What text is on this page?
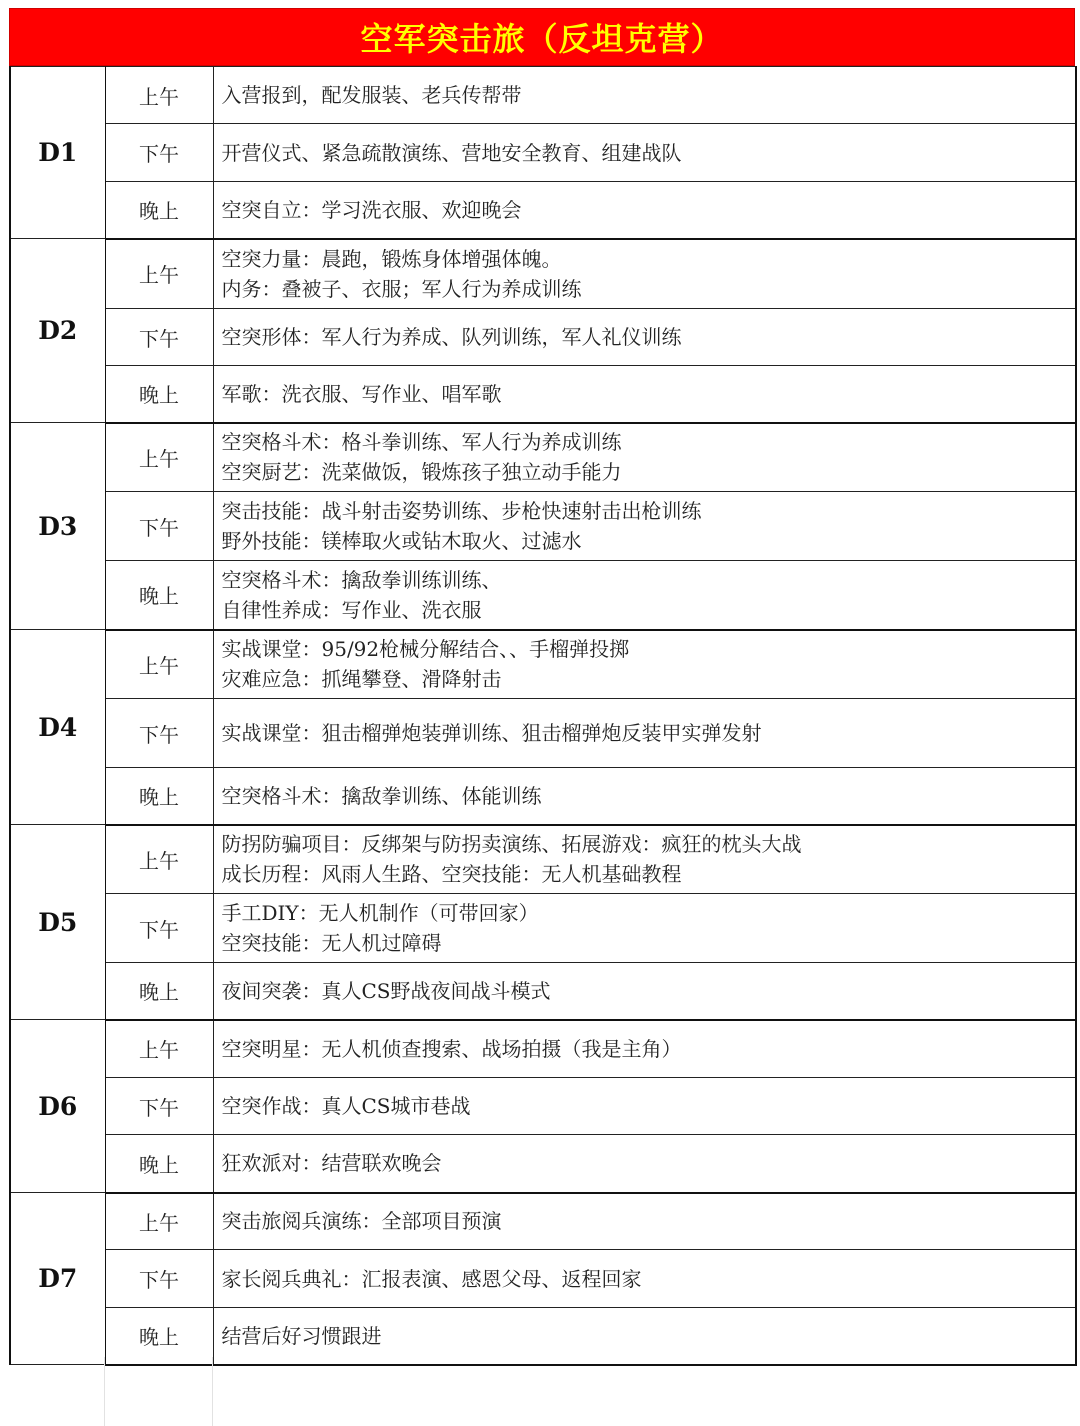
空军突击旅（反坦克营）
D1	上午	入营报到，配发服装、老兵传帮带

	下午	开营仪式、紧急疏散演练、营地安全教育、组建战队

	晚上	空突自立：学习洗衣服、欢迎晚会

D2	上午	空突力量：晨跑，锻炼身体增强体魄。
内务：叠被子、衣服；军人行为养成训练

	下午	空突形体：军人行为养成、队列训练，军人礼仪训练

	晚上	军歌：洗衣服、写作业、唱军歌

D3	上午	空突格斗术：格斗拳训练、军人行为养成训练
空突厨艺：洗菜做饭，锻炼孩子独立动手能力

	下午	突击技能：战斗射击姿势训练、步枪快速射击出枪训练
野外技能：镁棒取火或钻木取火、过滤水

	晚上	空突格斗术：擒敌拳训练训练、
自律性养成：写作业、洗衣服

D4	上午	实战课堂：95/92枪械分解结合、、手榴弹投掷
灾难应急：抓绳攀登、滑降射击

	下午	实战课堂：狙击榴弹炮装弹训练、狙击榴弹炮反装甲实弹发射

	晚上	空突格斗术：擒敌拳训练、体能训练

D5	上午	防拐防骗项目：反绑架与防拐卖演练、拓展游戏：疯狂的枕头大战
成长历程：风雨人生路、空突技能：无人机基础教程

	下午	手工DIY：无人机制作（可带回家）
空突技能：无人机过障碍

	晚上	夜间突袭：真人CS野战夜间战斗模式

D6	上午	空突明星：无人机侦查搜索、战场拍摄（我是主角）

	下午	空突作战：真人CS城市巷战

	晚上	狂欢派对：结营联欢晚会

D7	上午	突击旅阅兵演练：全部项目预演

	下午	家长阅兵典礼：汇报表演、感恩父母、返程回家

	晚上	结营后好习惯跟进
